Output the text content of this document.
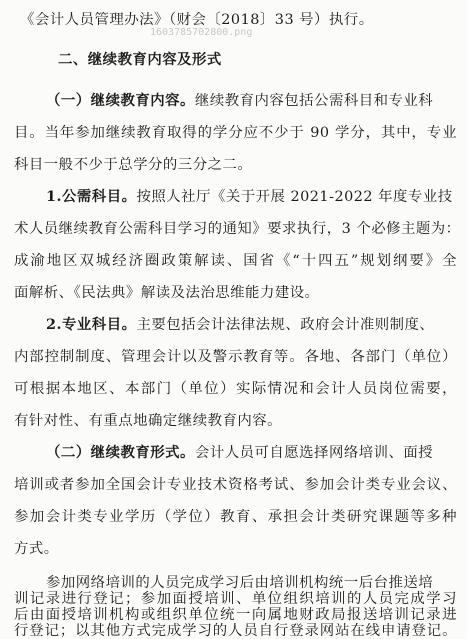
1603785702800.png
《会计人员管理办法》（财会〔2018〕33 号）执行。
二、继续教育内容及形式
（一）继续教育内容。继续教育内容包括公需科目和专业科
目。当年参加继续教育取得的学分应不少于 90 学分，其中，专业
科目一般不少于总学分的三分之二。
1.公需科目。按照人社厅《关于开展 2021-2022 年度专业技
术人员继续教育公需科目学习的通知》要求执行，3 个必修主题为：
成渝地区双城经济圈政策解读、国省《“十四五”规划纲要》全
面解析、《民法典》解读及法治思维能力建设。
2.专业科目。主要包括会计法律法规、政府会计准则制度、
内部控制制度、管理会计以及警示教育等。各地、各部门（单位）
可根据本地区、本部门（单位）实际情况和会计人员岗位需要，
有针对性、有重点地确定继续教育内容。
（二）继续教育形式。会计人员可自愿选择网络培训、面授
培训或者参加全国会计专业技术资格考试、参加会计类专业会议、
参加会计类专业学历（学位）教育、承担会计类研究课题等多种
方式。
参加网络培训的人员完成学习后由培训机构统一后台推送培
训记录进行登记；参加面授培训、单位组织培训的人员完成学习
后由面授培训机构或组织单位统一向属地财政局报送培训记录进
行登记；以其他方式完成学习的人员自行登录网站在线申请登记。
